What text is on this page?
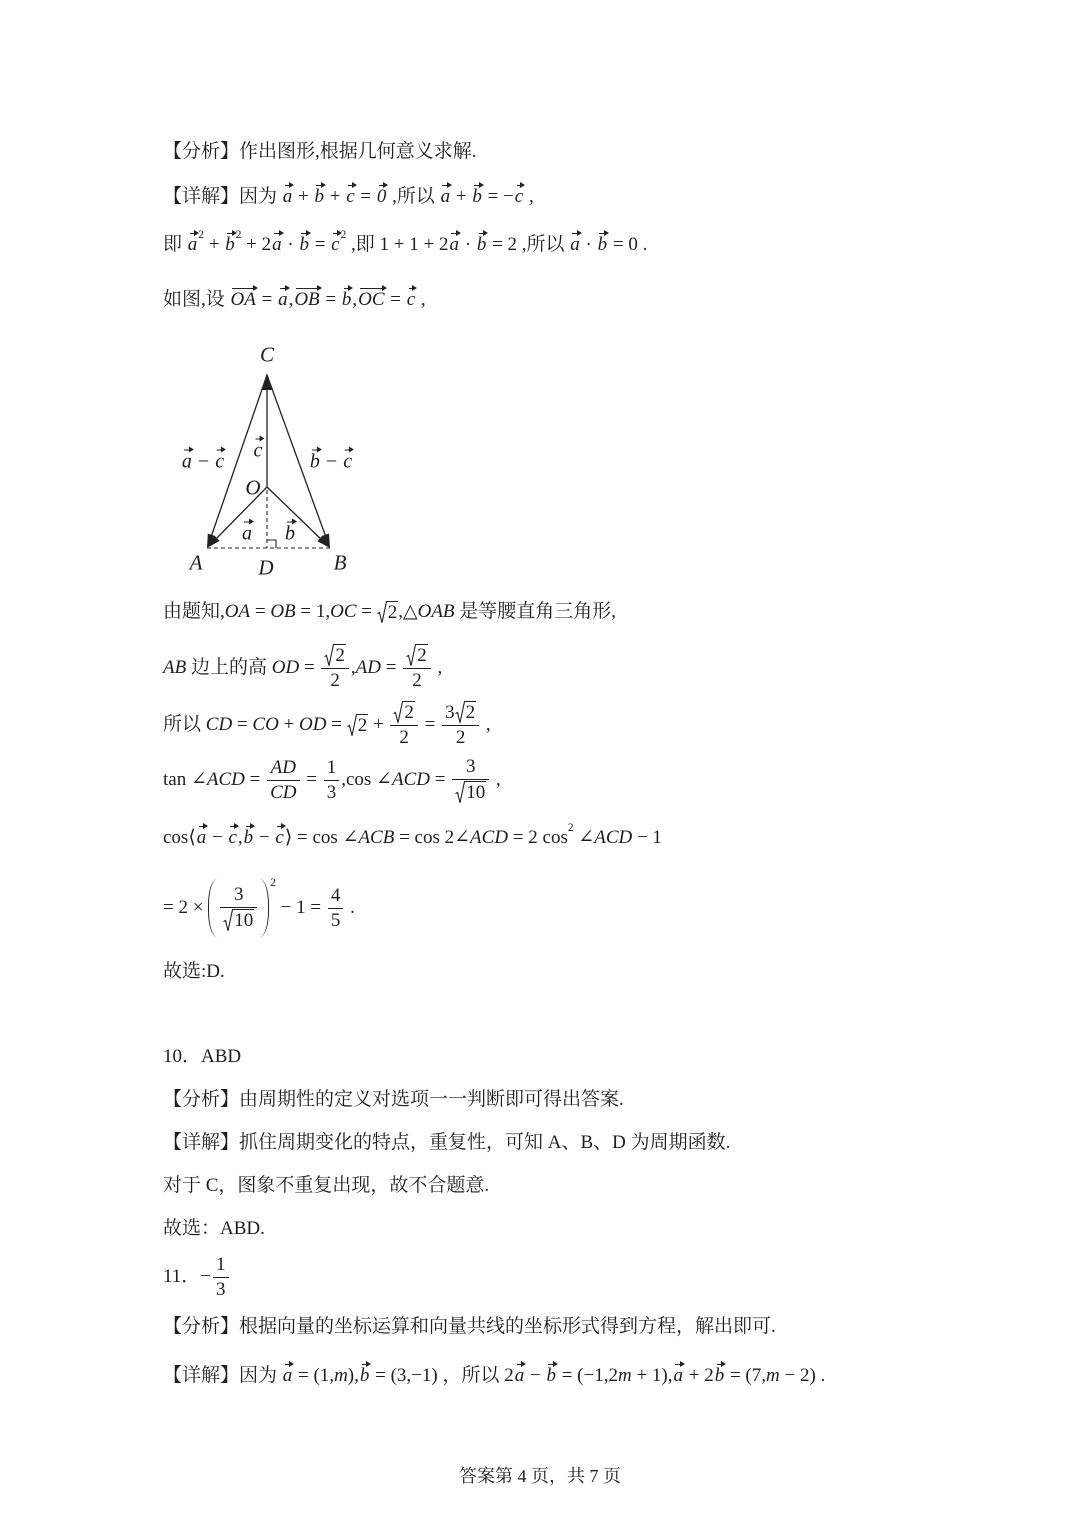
【分析】作出图形,根据几何意义求解.
【详解】因为 a + b + c = 0 ,所以 a + b = − c ,
即 a 2 + b 2 + 2 a · b = c 2 ,即 1 + 1 + 2 a · b = 2 ,所以 a · b = 0 .
如图,设 OA = a , OB = b , OC = c ,
C
O
A	D	B
a − c c b − c
a b
由题知, OA = OB = 1, OC = 2 ,△ OAB 是等腰直角三角形,
AB 边上的高 OD = $\frac{2}{2}$ , AD = $\frac{2}{2}$ ,
所以 CD = CO + OD = $2 + \frac{2}{2} = \frac{3 2}{2}$ ,
tan ∠ ACD = $\frac{AD}{CD} = \frac{1}{3} ,\cos$ ∠ ACD = $\frac{3}{10}$ ,
cos⟨ a − c , b − c ⟩ = cos ∠ ACB = cos 2∠ ACD = 2 cos 2 ∠ ACD − 1
= $2 \times \frac{3}{10}$
2
− $1 = \frac{4}{5}$ .
故选:D.
10．ABD
【分析】由周期性的定义对选项一一判断即可得出答案.
【详解】抓住周期变化的特点，重复性，可知 A、B、D 为周期函数.
对于 C，图象不重复出现，故不合题意.
故选：ABD.
11．− $\frac{1}{3}$
【分析】根据向量的坐标运算和向量共线的坐标形式得到方程，解出即可.
【详解】因为 a = (1, m ), b = (3,−1) ，所以 2 a − b = (−1,2 m + 1), a + 2 b = (7, m − 2) .
答案第 4 页，共 7 页
